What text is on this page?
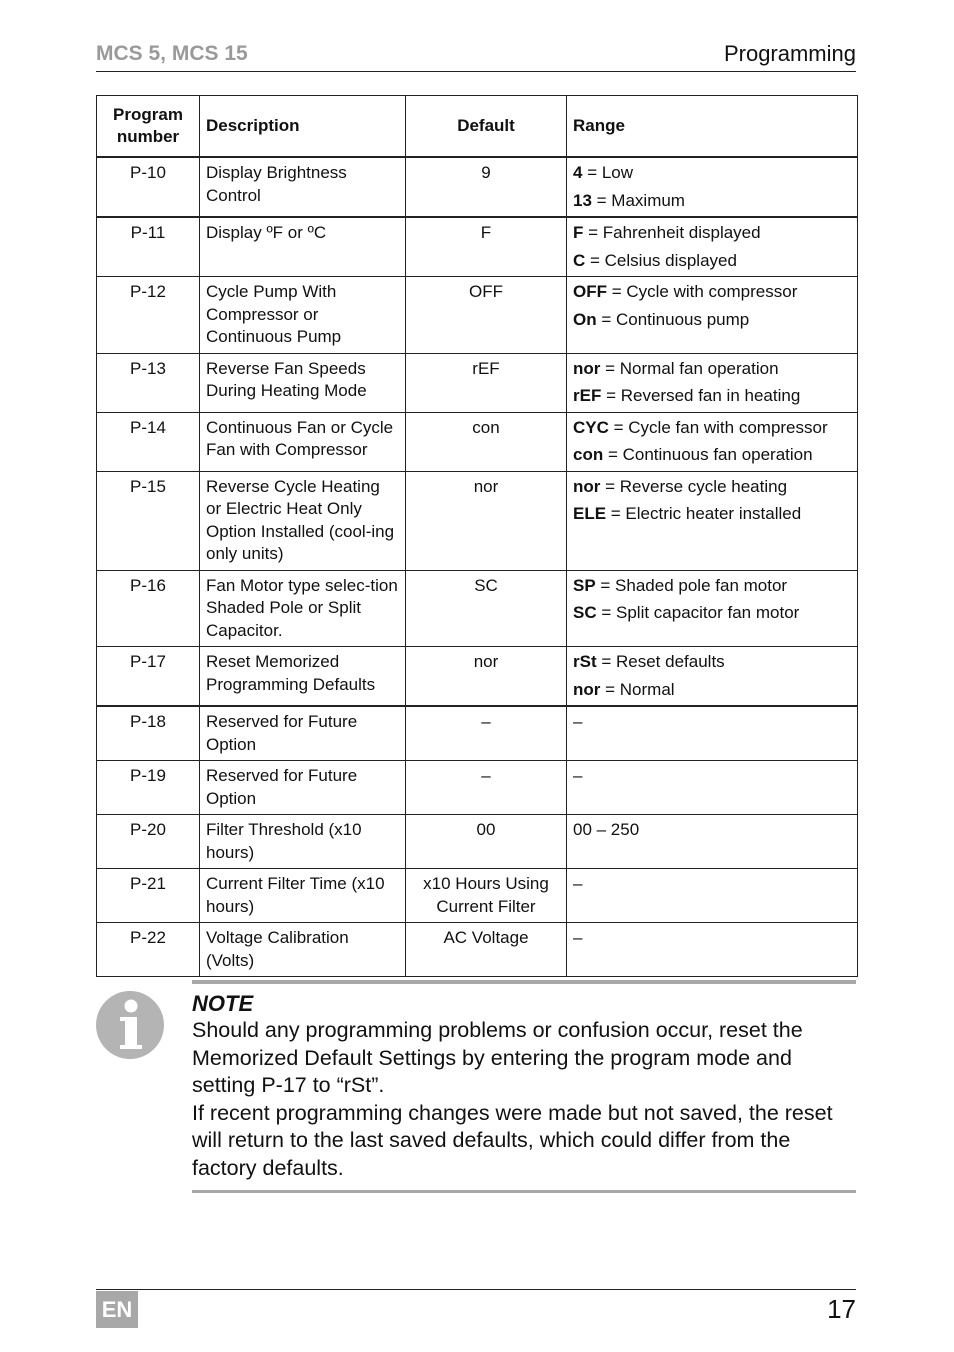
MCS 5, MCS 15	Programming
Program number	Description	Default	Range
P-10	Display Brightness Control	9	4 = Low
13 = Maximum

P-11	Display ºF or ºC	F	F = Fahrenheit displayed
C = Celsius displayed

P-12	Cycle Pump With Compressor or Continuous Pump	OFF	OFF = Cycle with compressor
On = Continuous pump

P-13	Reverse Fan Speeds During Heating Mode	rEF	nor = Normal fan operation
rEF = Reversed fan in heating

P-14	Continuous Fan or Cycle Fan with Compressor	con	CYC = Cycle fan with compressor
con = Continuous fan operation

P-15	Reverse Cycle Heating or Electric Heat Only Option Installed (cool-ing only units)	nor	nor = Reverse cycle heating
ELE = Electric heater installed

P-16	Fan Motor type selec-tion Shaded Pole or Split Capacitor.	SC	SP = Shaded pole fan motor
SC = Split capacitor fan motor

P-17	Reset Memorized Programming Defaults	nor	rSt = Reset defaults
nor = Normal

P-18	Reserved for Future Option	–	–

P-19	Reserved for Future Option	–	–

P-20	Filter Threshold (x10 hours)	00	00 – 250

P-21	Current Filter Time (x10 hours)	x10 Hours Using Current Filter	–

P-22	Voltage Calibration (Volts)	AC Voltage	–
NOTE

Should any programming problems or confusion occur, reset the Memorized Default Settings by entering the program mode and setting P-17 to “rSt”.

If recent programming changes were made but not saved, the reset will return to the last saved defaults, which could differ from the factory defaults.

EN	17
